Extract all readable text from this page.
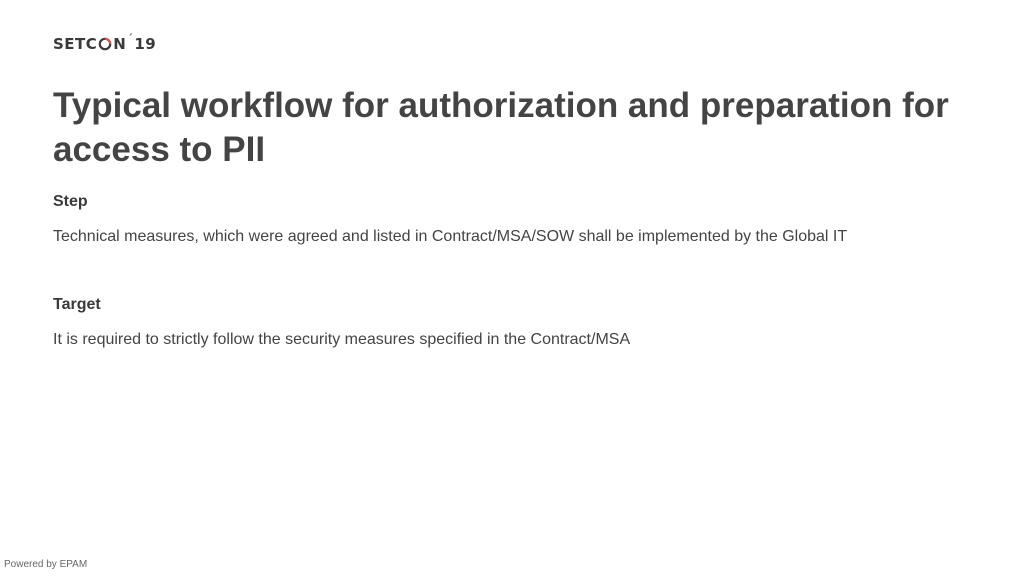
SETC N ´ 19
Typical workflow for authorization and preparation for access to PII

Step

Technical measures, which were agreed and listed in Contract/MSA/SOW shall be implemented by the Global IT

Target

It is required to strictly follow the security measures specified in the Contract/MSA

Powered by EPAM
